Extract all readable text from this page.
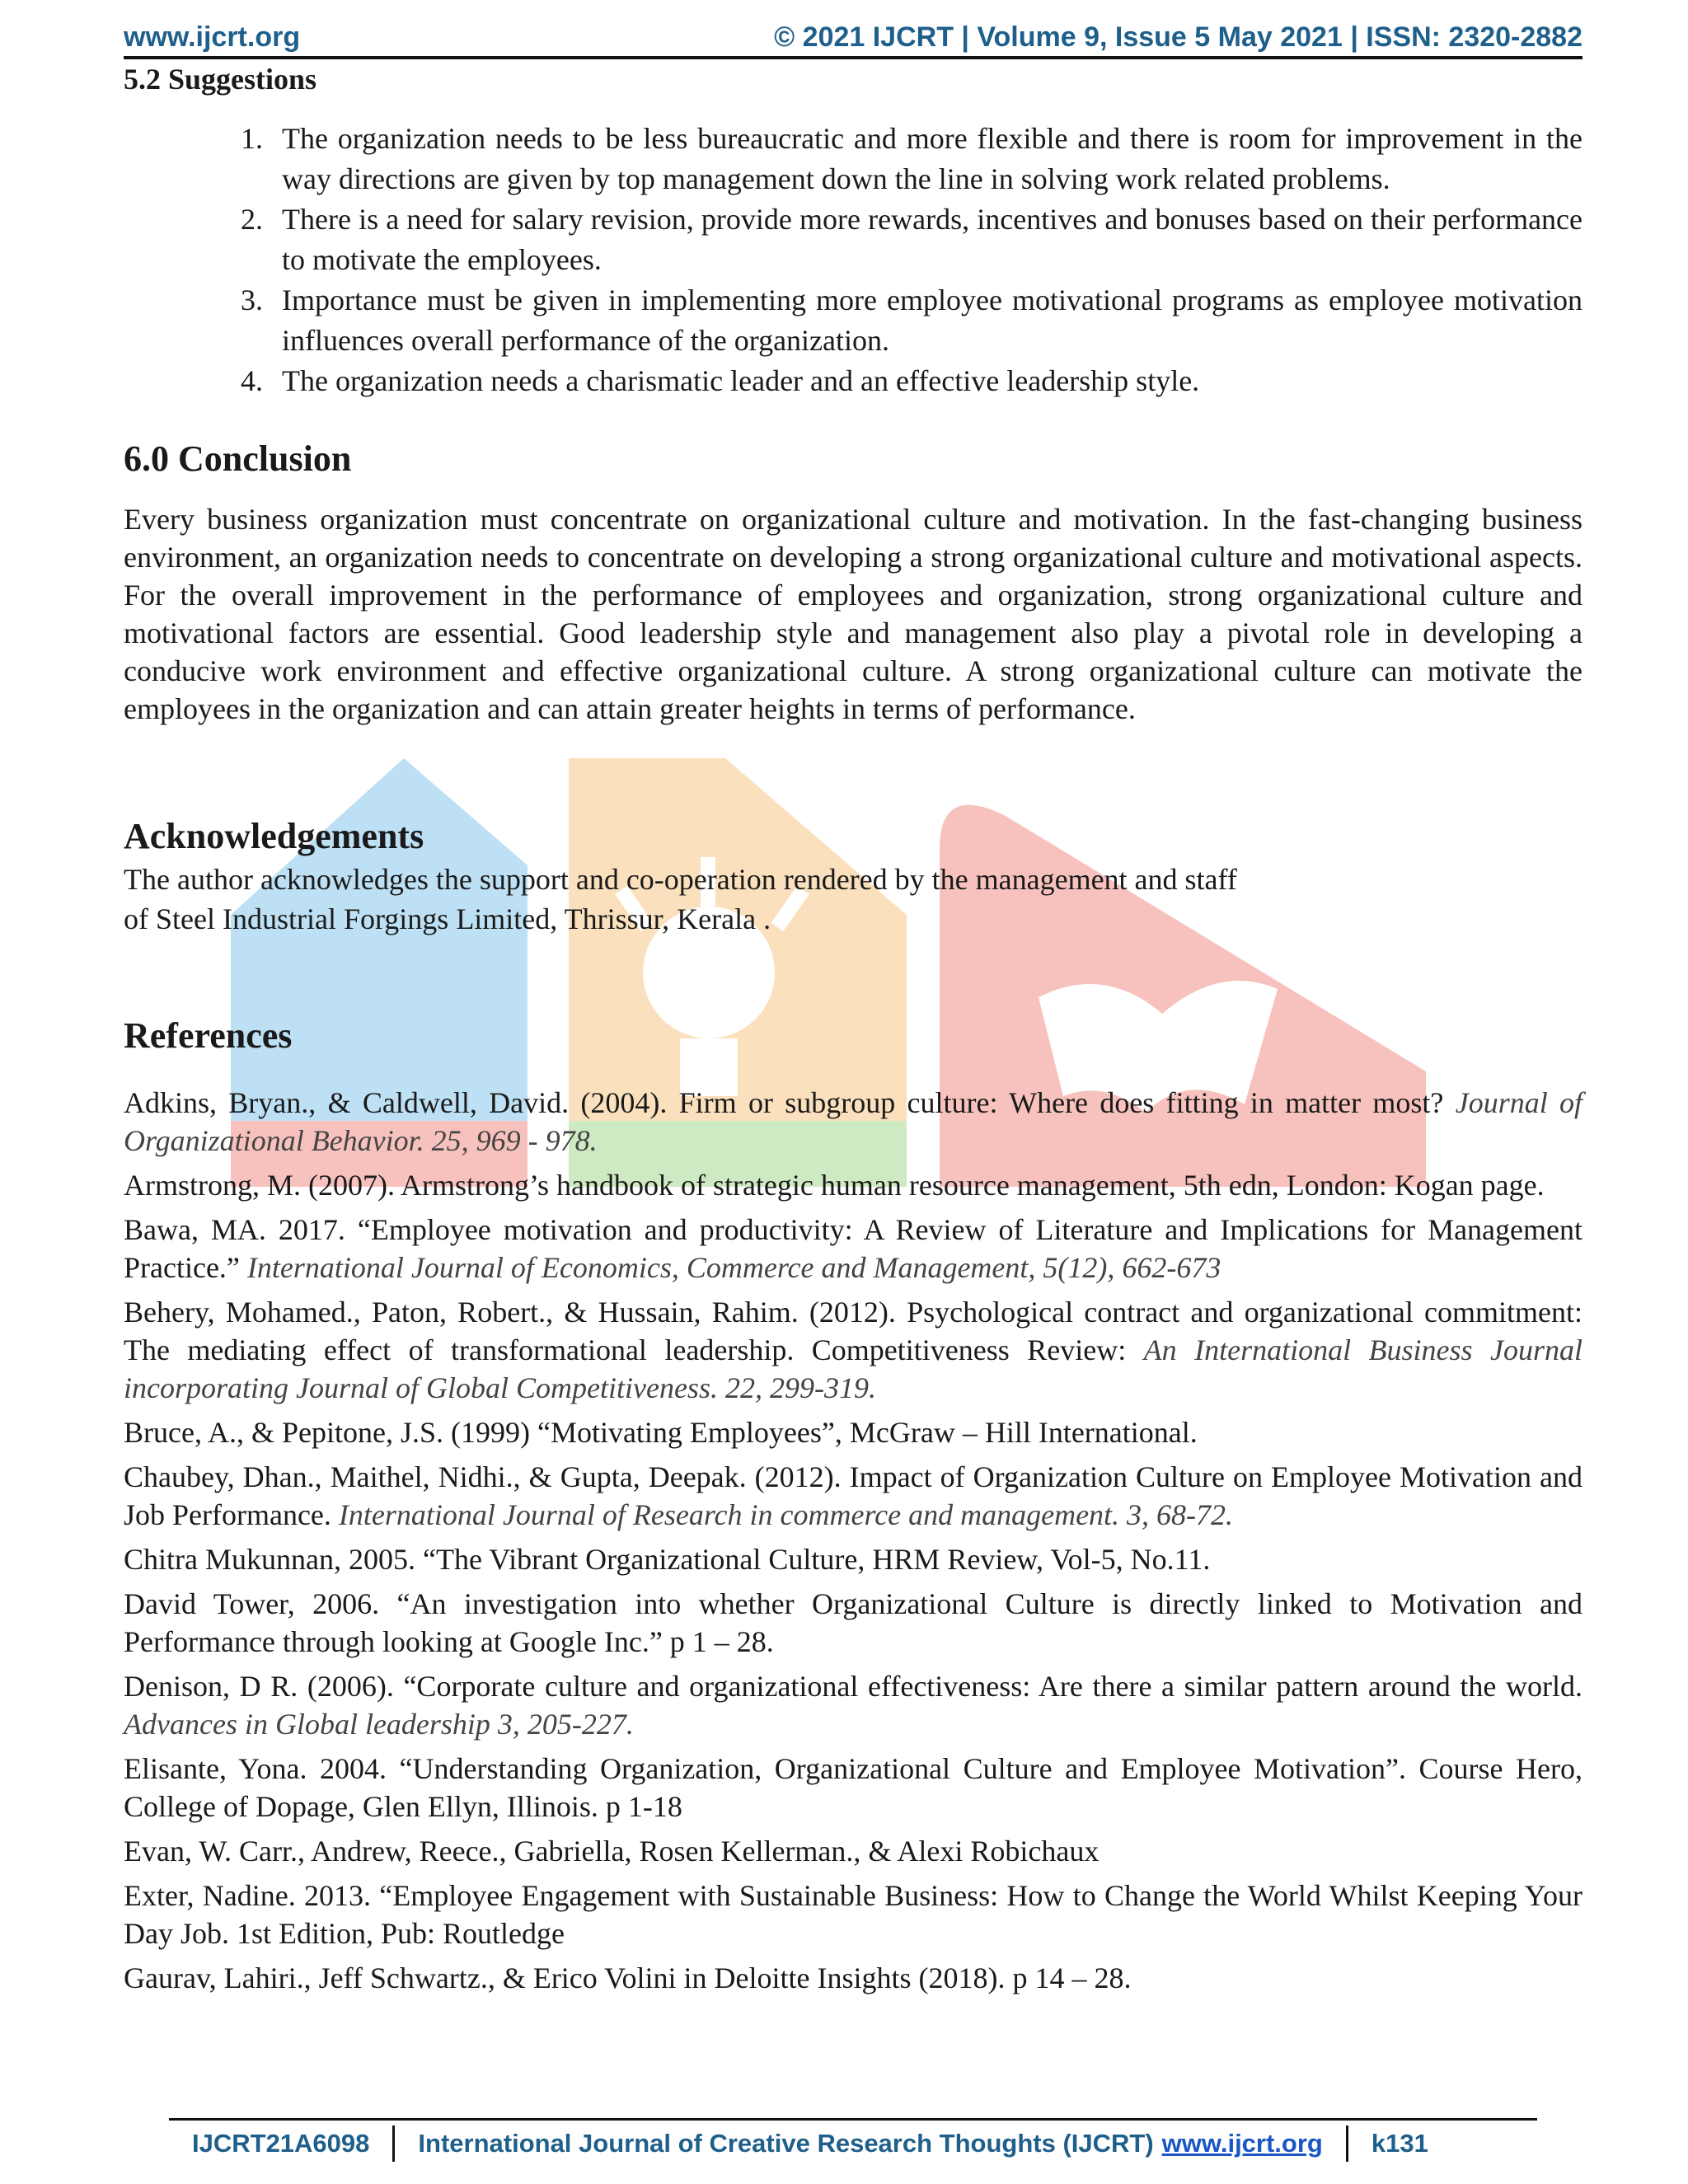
www.ijcrt.org	© 2021 IJCRT | Volume 9, Issue 5 May 2021 | ISSN: 2320-2882
5.2 Suggestions
1. The organization needs to be less bureaucratic and more flexible and there is room for improvement in the way directions are given by top management down the line in solving work related problems.
2. There is a need for salary revision, provide more rewards, incentives and bonuses based on their performance to motivate the employees.
3. Importance must be given in implementing more employee motivational programs as employee motivation influences overall performance of the organization.
4. The organization needs a charismatic leader and an effective leadership style.
6.0 Conclusion

Every business organization must concentrate on organizational culture and motivation. In the fast-changing business environment, an organization needs to concentrate on developing a strong organizational culture and motivational aspects. For the overall improvement in the performance of employees and organization, strong organizational culture and motivational factors are essential. Good leadership style and management also play a pivotal role in developing a conducive work environment and effective organizational culture. A strong organizational culture can motivate the employees in the organization and can attain greater heights in terms of performance.

Acknowledgements

The author acknowledges the support and co-operation rendered by the management and staff

of Steel Industrial Forgings Limited, Thrissur, Kerala .

References

Adkins, Bryan., & Caldwell, David. (2004). Firm or subgroup culture: Where does fitting in matter most? Journal of Organizational Behavior. 25, 969 - 978.

Armstrong, M. (2007). Armstrong’s handbook of strategic human resource management, 5th edn, London: Kogan page.

Bawa, MA. 2017. “Employee motivation and productivity: A Review of Literature and Implications for Management Practice.” International Journal of Economics, Commerce and Management, 5(12), 662-673

Behery, Mohamed., Paton, Robert., & Hussain, Rahim. (2012). Psychological contract and organizational commitment: The mediating effect of transformational leadership. Competitiveness Review: An International Business Journal incorporating Journal of Global Competitiveness. 22, 299-319.

Bruce, A., & Pepitone, J.S. (1999) “Motivating Employees”, McGraw – Hill International.

Chaubey, Dhan., Maithel, Nidhi., & Gupta, Deepak. (2012). Impact of Organization Culture on Employee Motivation and Job Performance. International Journal of Research in commerce and management. 3, 68-72.

Chitra Mukunnan, 2005. “The Vibrant Organizational Culture, HRM Review, Vol-5, No.11.

David Tower, 2006. “An investigation into whether Organizational Culture is directly linked to Motivation and Performance through looking at Google Inc.” p 1 – 28.

Denison, D R. (2006). “Corporate culture and organizational effectiveness: Are there a similar pattern around the world. Advances in Global leadership 3, 205-227.

Elisante, Yona. 2004. “Understanding Organization, Organizational Culture and Employee Motivation”. Course Hero, College of Dopage, Glen Ellyn, Illinois. p 1-18

Evan, W. Carr., Andrew, Reece., Gabriella, Rosen Kellerman., & Alexi Robichaux

Exter, Nadine. 2013. “Employee Engagement with Sustainable Business: How to Change the World Whilst Keeping Your Day Job. 1st Edition, Pub: Routledge

Gaurav, Lahiri., Jeff Schwartz., & Erico Volini in Deloitte Insights (2018). p 14 – 28.

IJCRT21A6098	International Journal of Creative Research Thoughts (IJCRT) www.ijcrt.org	k131
